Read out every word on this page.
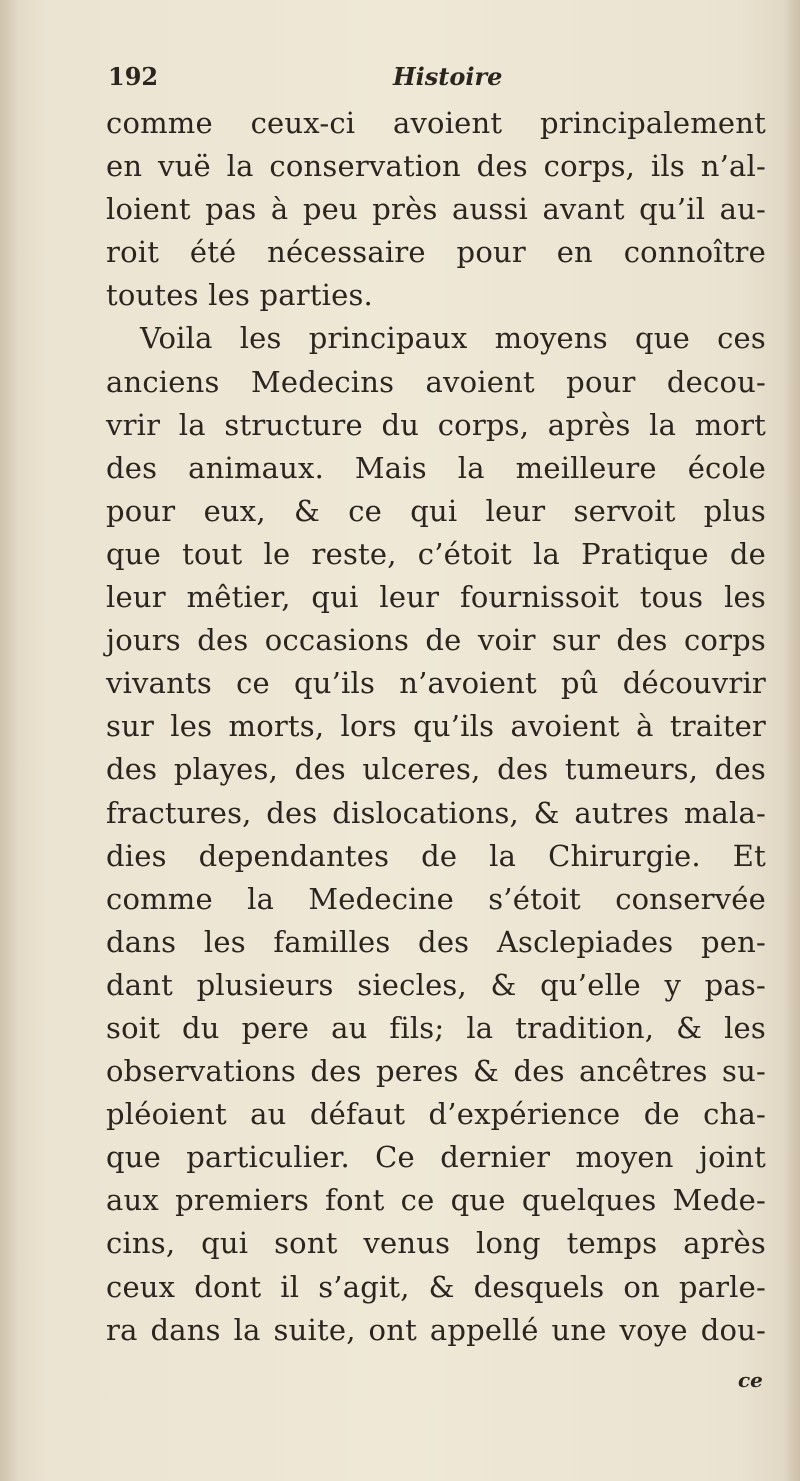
192	Histoire
comme ceux-ci avoient principalement
en vuë la conservation des corps, ils n’al-
loient pas à peu près aussi avant qu’il au-
roit été nécessaire pour en connoître
toutes les parties.
Voila les principaux moyens que ces
anciens Medecins avoient pour decou-
vrir la structure du corps, après la mort
des animaux. Mais la meilleure école
pour eux, & ce qui leur servoit plus
que tout le reste, c’étoit la Pratique de
leur mêtier, qui leur fournissoit tous les
jours des occasions de voir sur des corps
vivants ce qu’ils n’avoient pû découvrir
sur les morts, lors qu’ils avoient à traiter
des playes, des ulceres, des tumeurs, des
fractures, des dislocations, & autres mala-
dies dependantes de la Chirurgie. Et
comme la Medecine s’étoit conservée
dans les familles des Asclepiades pen-
dant plusieurs siecles, & qu’elle y pas-
soit du pere au fils; la tradition, & les
observations des peres & des ancêtres su-
pléoient au défaut d’expérience de cha-
que particulier. Ce dernier moyen joint
aux premiers font ce que quelques Mede-
cins, qui sont venus long temps après
ceux dont il s’agit, & desquels on parle-
ra dans la suite, ont appellé une voye dou-
ce
